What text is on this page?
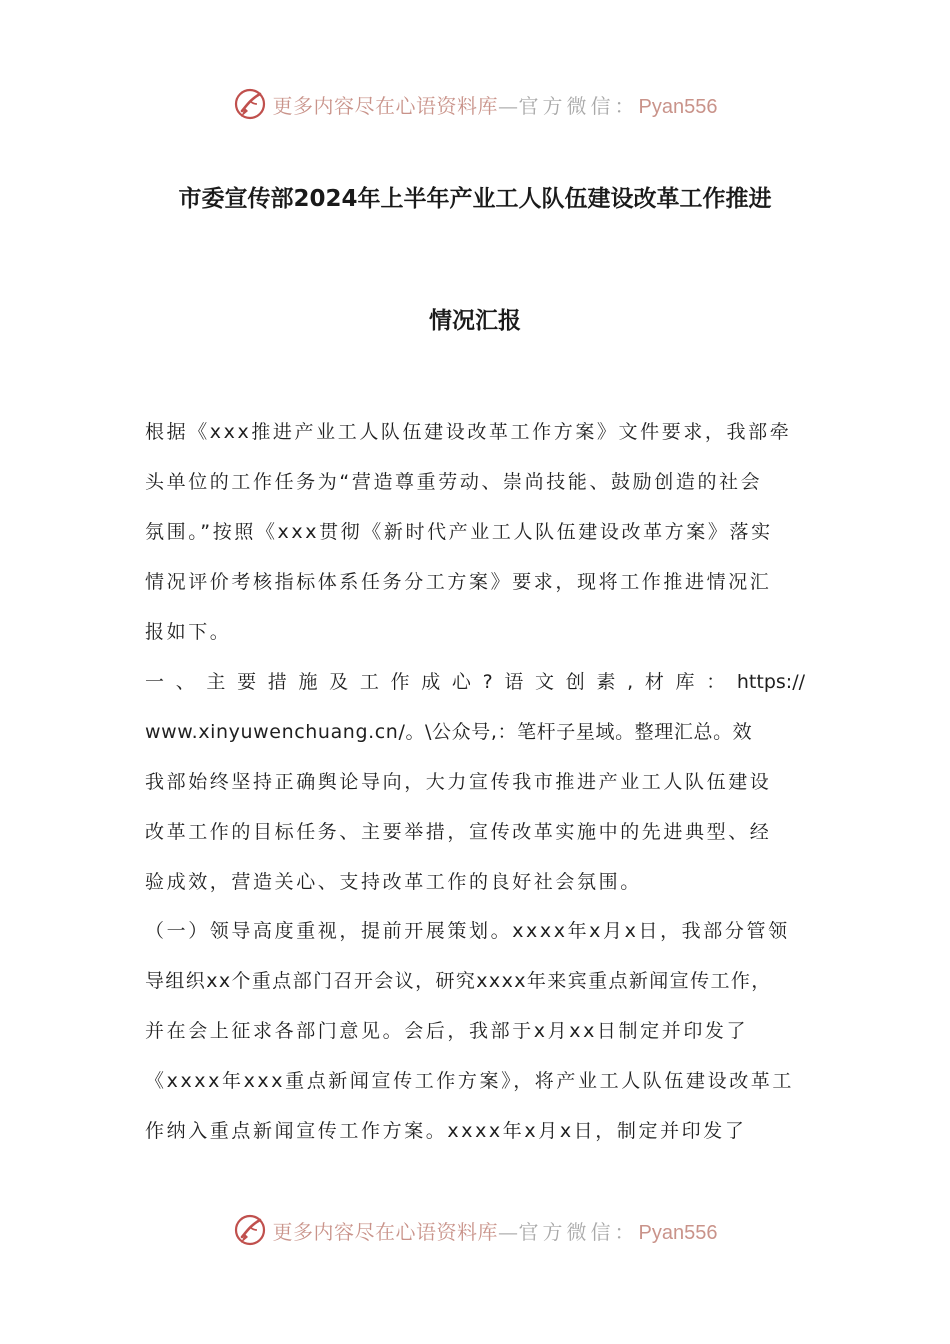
更多内容尽在心语资料库—官方微信：Pyan556
市委宣传部2024年上半年产业工人队伍建设改革工作推进
情况汇报
根据《xxx推进产业工人队伍建设改革工作方案》文件要求，我部牵
头单位的工作任务为“营造尊重劳动、崇尚技能、鼓励创造的社会
氛围。”按照《xxx贯彻《新时代产业工人队伍建设改革方案》落实
情况评价考核指标体系任务分工方案》要求，现将工作推进情况汇
报如下。
一、主要措施及工作成心?语文创素,材库：https://
www.xinyuwenchuang.cn/。\公众号,：笔杆子星域。整理汇总。效
我部始终坚持正确舆论导向，大力宣传我市推进产业工人队伍建设
改革工作的目标任务、主要举措，宣传改革实施中的先进典型、经
验成效，营造关心、支持改革工作的良好社会氛围。
（一）领导高度重视，提前开展策划。xxxx年x月x日，我部分管领
导组织xx个重点部门召开会议，研究xxxx年来宾重点新闻宣传工作，
并在会上征求各部门意见。会后，我部于x月xx日制定并印发了
《xxxx年xxx重点新闻宣传工作方案》，将产业工人队伍建设改革工
作纳入重点新闻宣传工作方案。xxxx年x月x日，制定并印发了
更多内容尽在心语资料库—官方微信：Pyan556
